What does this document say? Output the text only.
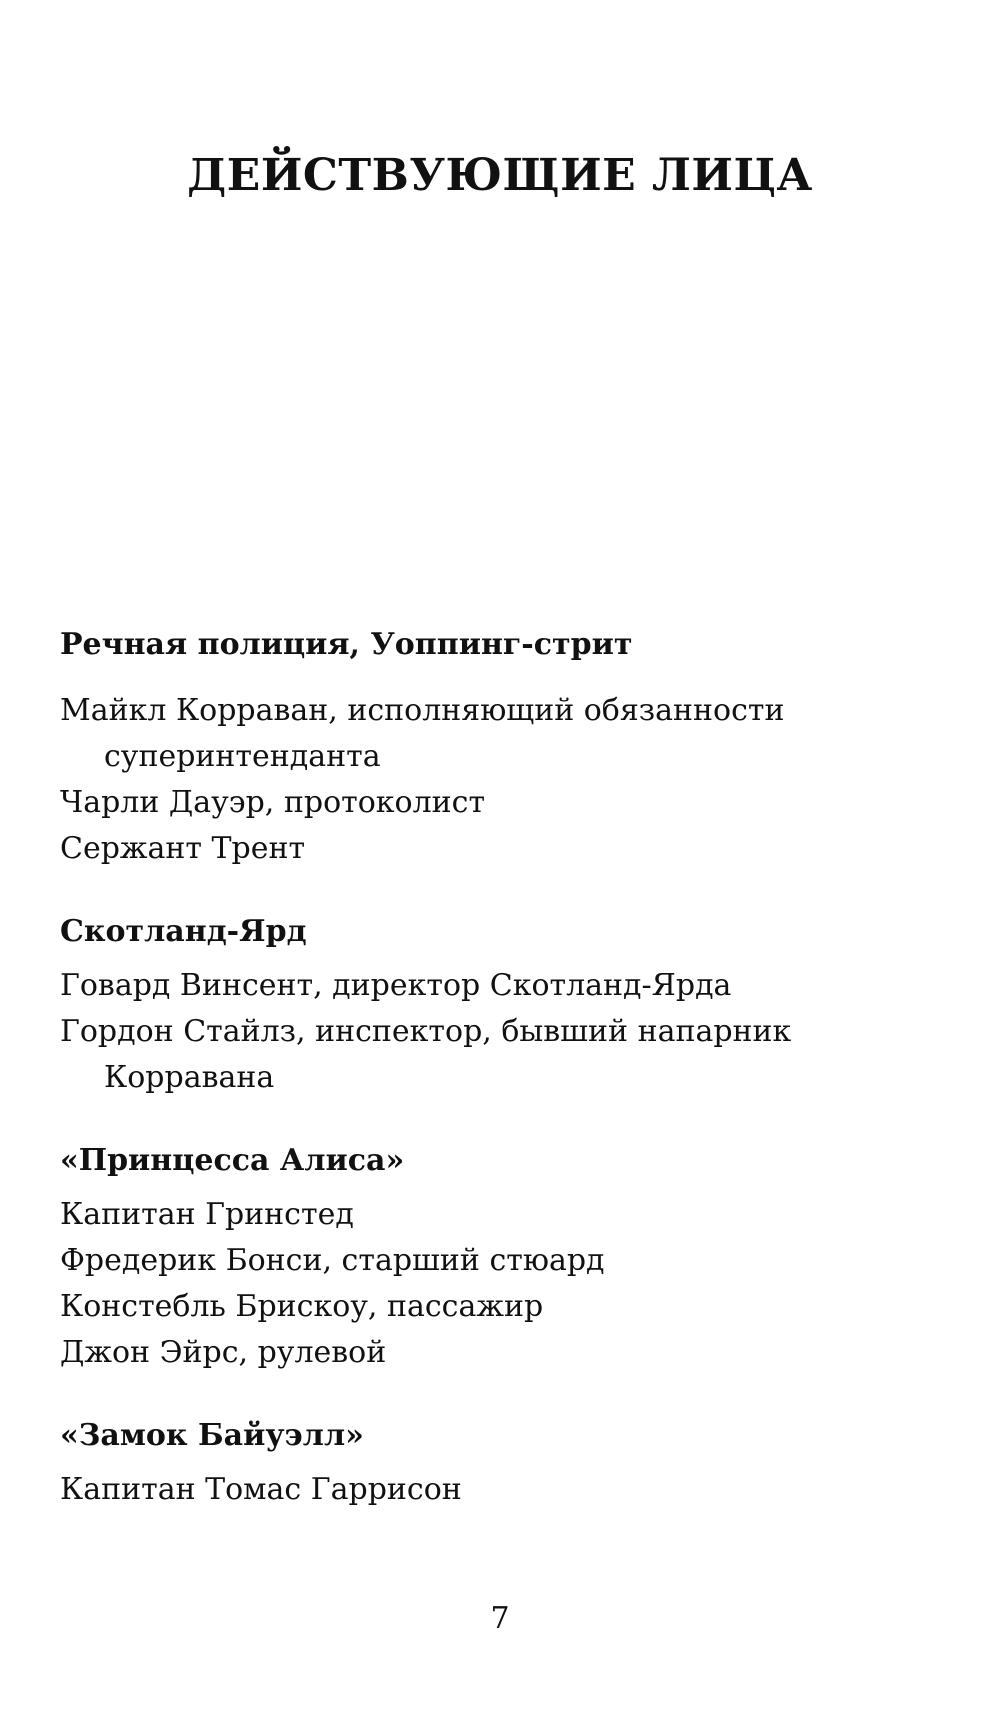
ДЕЙСТВУЮЩИЕ ЛИЦА
Речная полиция, Уоппинг-стрит

Майкл Корраван, исполняющий обязанности суперинтенданта

Чарли Дауэр, протоколист

Сержант Трент

Скотланд-Ярд

Говард Винсент, директор Скотланд-Ярда

Гордон Стайлз, инспектор, бывший напарник Корравана

«Принцесса Алиса»

Капитан Гринстед

Фредерик Бонси, старший стюард

Констебль Брискоу, пассажир

Джон Эйрс, рулевой

«Замок Байуэлл»

Капитан Томас Гаррисон

7
